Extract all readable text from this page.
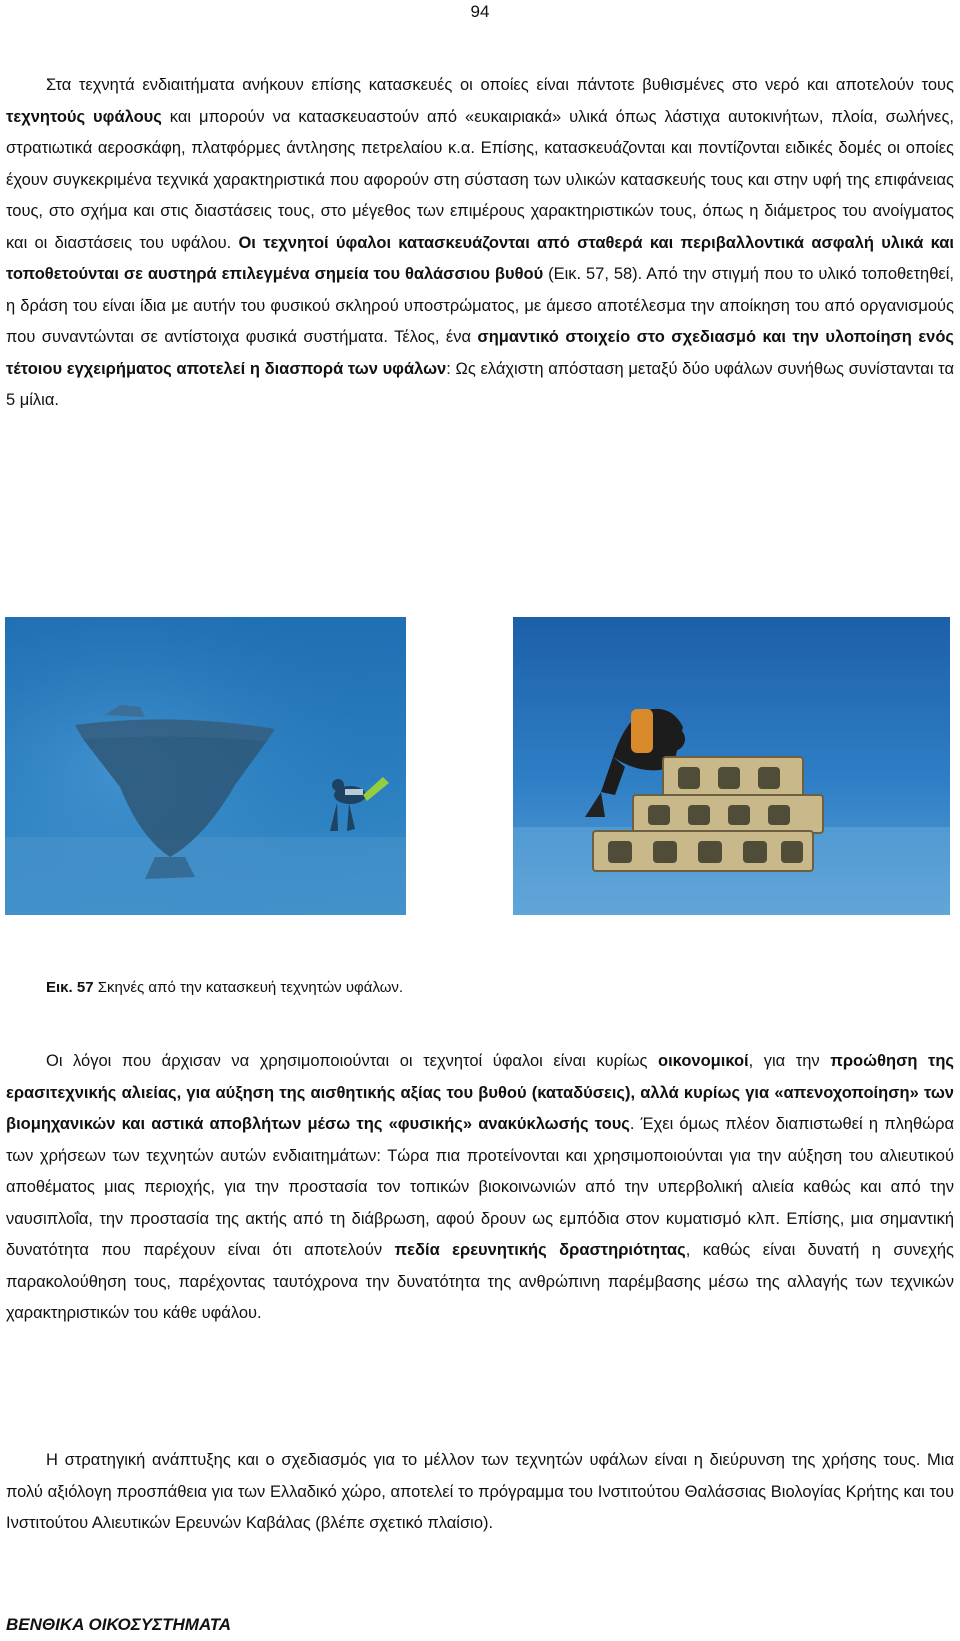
94

Στα τεχνητά ενδιαιτήματα ανήκουν επίσης κατασκευές οι οποίες είναι πάντοτε βυθισμένες στο νερό και αποτελούν τους τεχνητούς υφάλους και μπορούν να κατασκευαστούν από «ευκαιριακά» υλικά όπως λάστιχα αυτοκινήτων, πλοία, σωλήνες, στρατιωτικά αεροσκάφη, πλατφόρμες άντλησης πετρελαίου κ.α. Επίσης, κατασκευάζονται και ποντίζονται ειδικές δομές οι οποίες έχουν συγκεκριμένα τεχνικά χαρακτηριστικά που αφορούν στη σύσταση των υλικών κατασκευής τους και στην υφή της επιφάνειας τους, στο σχήμα και στις διαστάσεις τους, στο μέγεθος των επιμέρους χαρακτηριστικών τους, όπως η διάμετρος του ανοίγματος και οι διαστάσεις του υφάλου. Οι τεχνητοί ύφαλοι κατασκευάζονται από σταθερά και περιβαλλοντικά ασφαλή υλικά και τοποθετούνται σε αυστηρά επιλεγμένα σημεία του θαλάσσιου βυθού (Εικ. 57, 58). Από την στιγμή που το υλικό τοποθετηθεί, η δράση του είναι ίδια με αυτήν του φυσικού σκληρού υποστρώματος, με άμεσο αποτέλεσμα την αποίκηση του από οργανισμούς που συναντώνται σε αντίστοιχα φυσικά συστήματα. Τέλος, ένα σημαντικό στοιχείο στο σχεδιασμό και την υλοποίηση ενός τέτοιου εγχειρήματος αποτελεί η διασπορά των υφάλων: Ως ελάχιστη απόσταση μεταξύ δύο υφάλων συνήθως συνίστανται τα 5 μίλια.

Εικ. 57 Σκηνές από την κατασκευή τεχνητών υφάλων.

Οι λόγοι που άρχισαν να χρησιμοποιούνται οι τεχνητοί ύφαλοι είναι κυρίως οικονομικοί, για την προώθηση της ερασιτεχνικής αλιείας, για αύξηση της αισθητικής αξίας του βυθού (καταδύσεις), αλλά κυρίως για «απενοχοποίηση» των βιομηχανικών και αστικά αποβλήτων μέσω της «φυσικής» ανακύκλωσής τους. Έχει όμως πλέον διαπιστωθεί η πληθώρα των χρήσεων των τεχνητών αυτών ενδιαιτημάτων: Τώρα πια προτείνονται και χρησιμοποιούνται για την αύξηση του αλιευτικού αποθέματος μιας περιοχής, για την προστασία τον τοπικών βιοκοινωνιών από την υπερβολική αλιεία καθώς και από την ναυσιπλοΐα, την προστασία της ακτής από τη διάβρωση, αφού δρουν ως εμπόδια στον κυματισμό κλπ. Επίσης, μια σημαντική δυνατότητα που παρέχουν είναι ότι αποτελούν πεδία ερευνητικής δραστηριότητας, καθώς είναι δυνατή η συνεχής παρακολούθηση τους, παρέχοντας ταυτόχρονα την δυνατότητα της ανθρώπινη παρέμβασης μέσω της αλλαγής των τεχνικών χαρακτηριστικών του κάθε υφάλου.

Η στρατηγική ανάπτυξης και ο σχεδιασμός για το μέλλον των τεχνητών υφάλων είναι η διεύρυνση της χρήσης τους. Μια πολύ αξιόλογη προσπάθεια για των Ελλαδικό χώρο, αποτελεί το πρόγραμμα του Ινστιτούτου Θαλάσσιας Βιολογίας Κρήτης και του Ινστιτούτου Αλιευτικών Ερευνών Καβάλας (βλέπε σχετικό πλαίσιο).

ΒΕΝΘΙΚΑ ΟΙΚΟΣΥΣΤΗΜΑΤΑ
